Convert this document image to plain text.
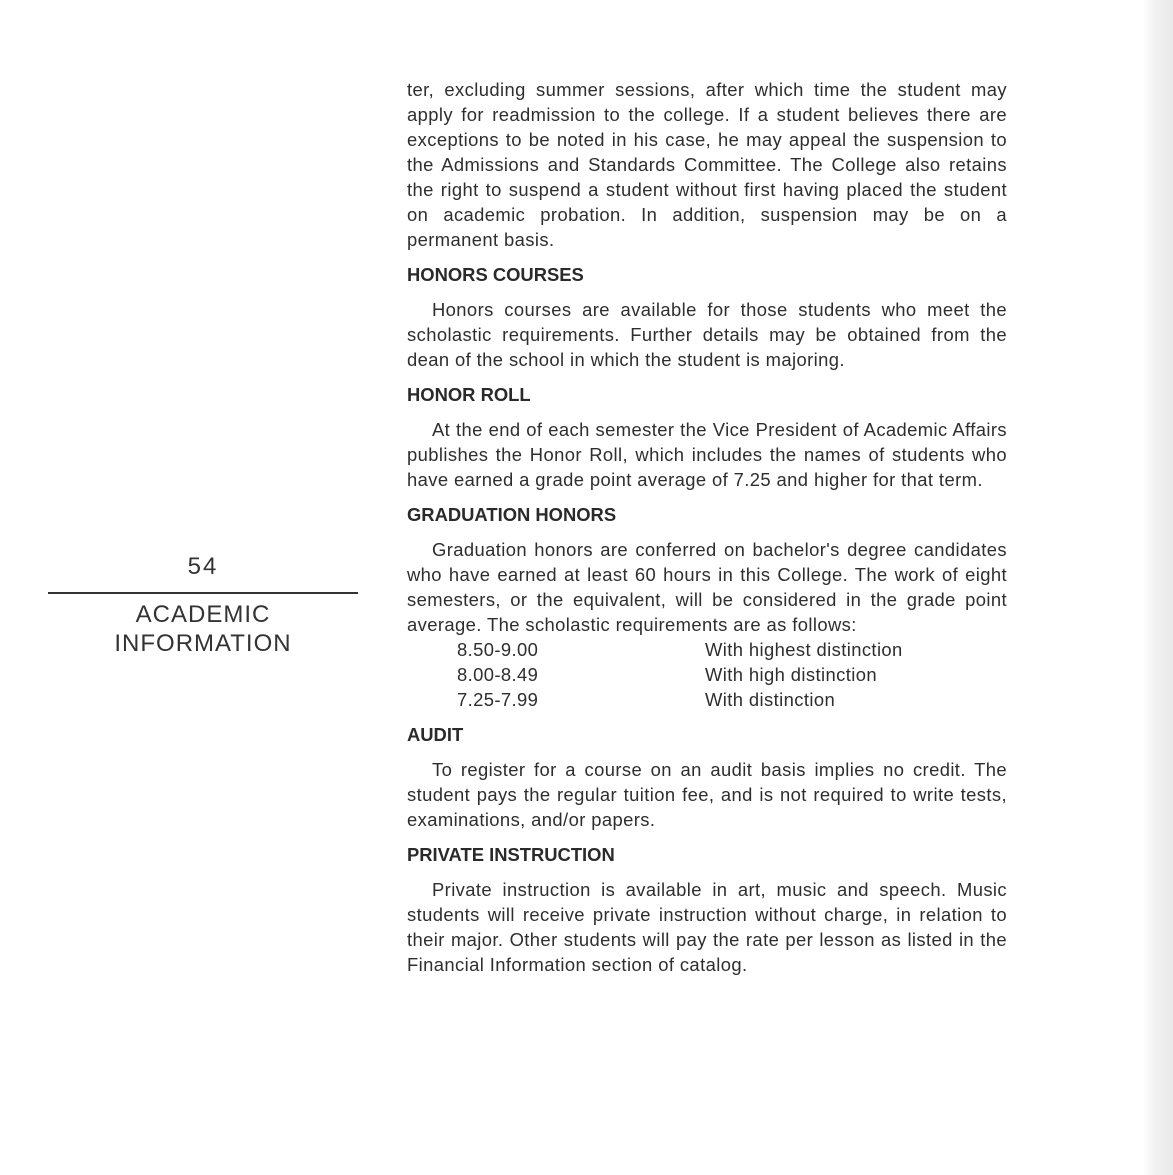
54
ACADEMIC
INFORMATION

ter, excluding summer sessions, after which time the student may apply for readmission to the college. If a student believes there are exceptions to be noted in his case, he may appeal the suspension to the Admissions and Standards Committee. The College also retains the right to suspend a student without first having placed the student on academic probation. In addition, suspension may be on a permanent basis.

HONORS COURSES

Honors courses are available for those students who meet the scholastic requirements. Further details may be obtained from the dean of the school in which the student is majoring.

HONOR ROLL

At the end of each semester the Vice President of Academic Affairs publishes the Honor Roll, which includes the names of students who have earned a grade point average of 7.25 and higher for that term.

GRADUATION HONORS

Graduation honors are conferred on bachelor's degree candidates who have earned at least 60 hours in this College. The work of eight semesters, or the equivalent, will be considered in the grade point average. The scholastic requirements are as follows:

8.50-9.00	With highest distinction
8.00-8.49	With high distinction
7.25-7.99	With distinction
AUDIT

To register for a course on an audit basis implies no credit. The student pays the regular tuition fee, and is not required to write tests, examinations, and/or papers.

PRIVATE INSTRUCTION

Private instruction is available in art, music and speech. Music students will receive private instruction without charge, in relation to their major. Other students will pay the rate per lesson as listed in the Financial Information section of catalog.
